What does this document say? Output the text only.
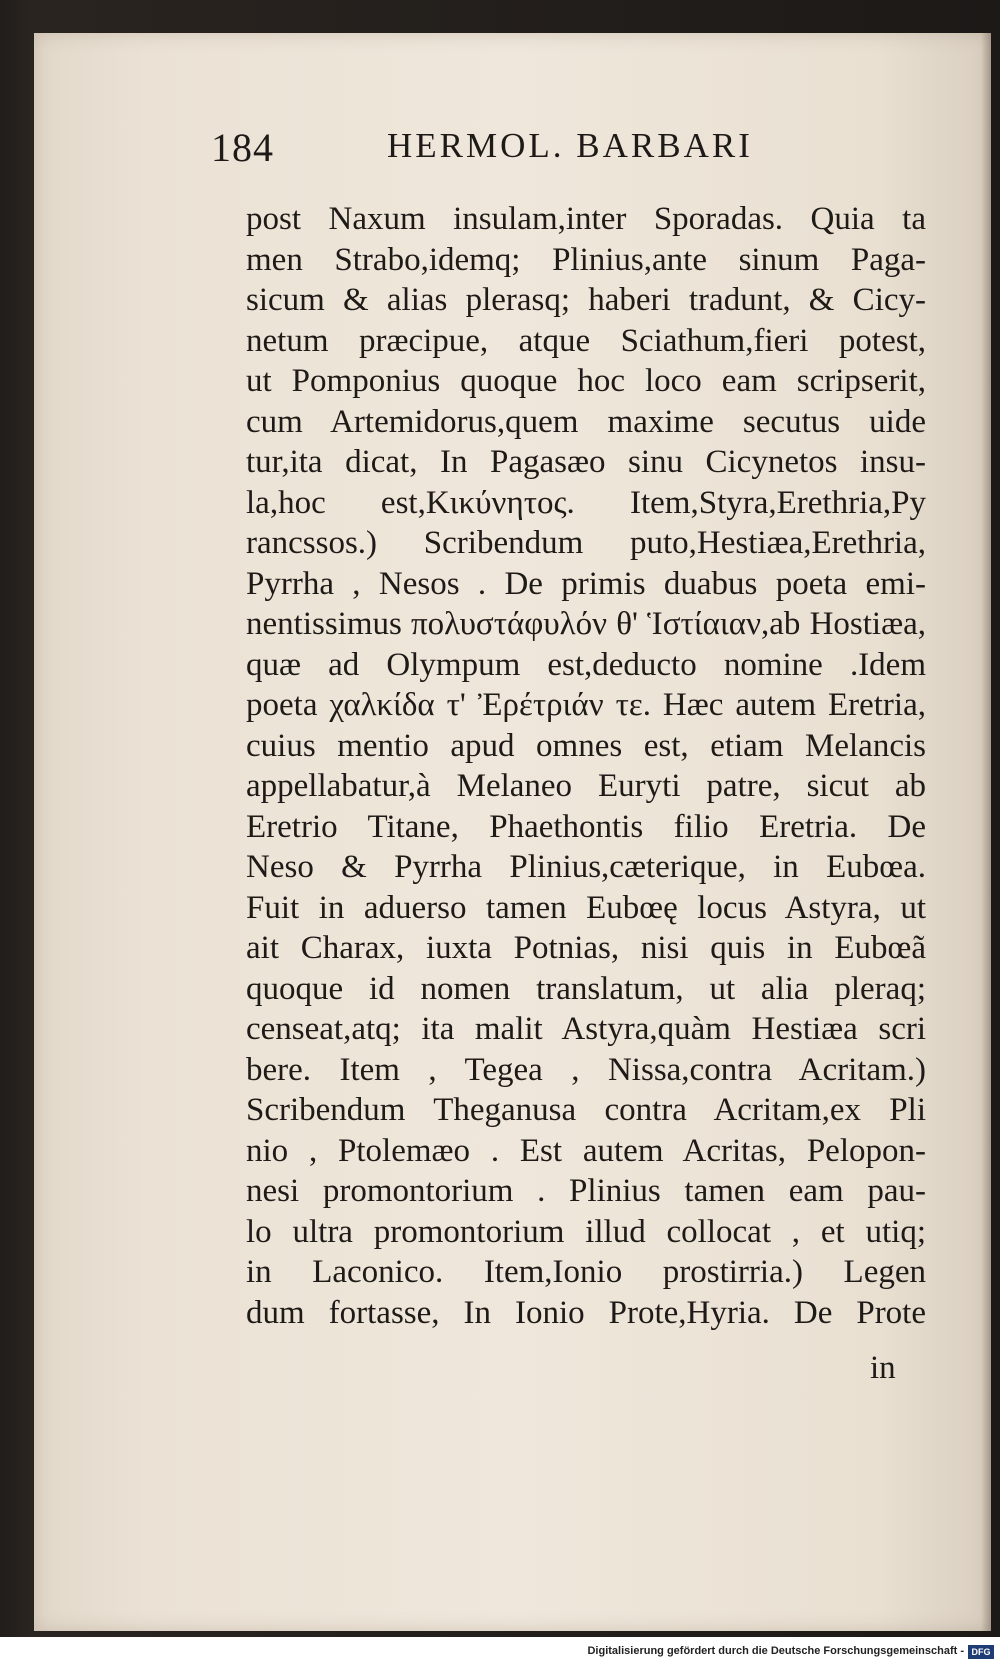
184	HERMOL. BARBARI
post Naxum insulam,inter Sporadas. Quia ta
men Strabo,idemq; Plinius,ante sinum Paga-
sicum & alias plerasq; haberi tradunt, & Cicy-
netum præcipue, atque Sciathum,fieri potest,
ut Pomponius quoque hoc loco eam scripserit,
cum Artemidorus,quem maxime secutus uide
tur,ita dicat, In Pagasæo sinu Cicynetos insu-
la,hoc est,Κικύνητος. Item,Styra,Erethria,Py
rancssos.) Scribendum puto,Hestiæa,Erethria,
Pyrrha , Nesos . De primis duabus poeta emi-
nentissimus πολυστάφυλόν θ' Ἱστίαιαν,ab Hostiæa,
quæ ad Olympum est,deducto nomine .Idem
poeta χαλκίδα τ' Ἐρέτριάν τε. Hæc autem Eretria,
cuius mentio apud omnes est, etiam Melancis
appellabatur,à Melaneo Euryti patre, sicut ab
Eretrio Titane, Phaethontis filio Eretria. De
Neso & Pyrrha Plinius,cæterique, in Eubœa.
Fuit in aduerso tamen Eubœę locus Astyra, ut
ait Charax, iuxta Potnias, nisi quis in Eubœã
quoque id nomen translatum, ut alia pleraq;
censeat,atq; ita malit Astyra,quàm Hestiæa scri
bere. Item , Tegea , Nissa,contra Acritam.)
Scribendum Theganusa contra Acritam,ex Pli
nio , Ptolemæo . Est autem Acritas, Pelopon-
nesi promontorium . Plinius tamen eam pau-
lo ultra promontorium illud collocat , et utiq;
in Laconico. Item,Ionio prostirria.) Legen
dum fortasse, In Ionio Prote,Hyria. De Prote
in
Digitalisierung gefördert durch die Deutsche Forschungsgemeinschaft - DFG
